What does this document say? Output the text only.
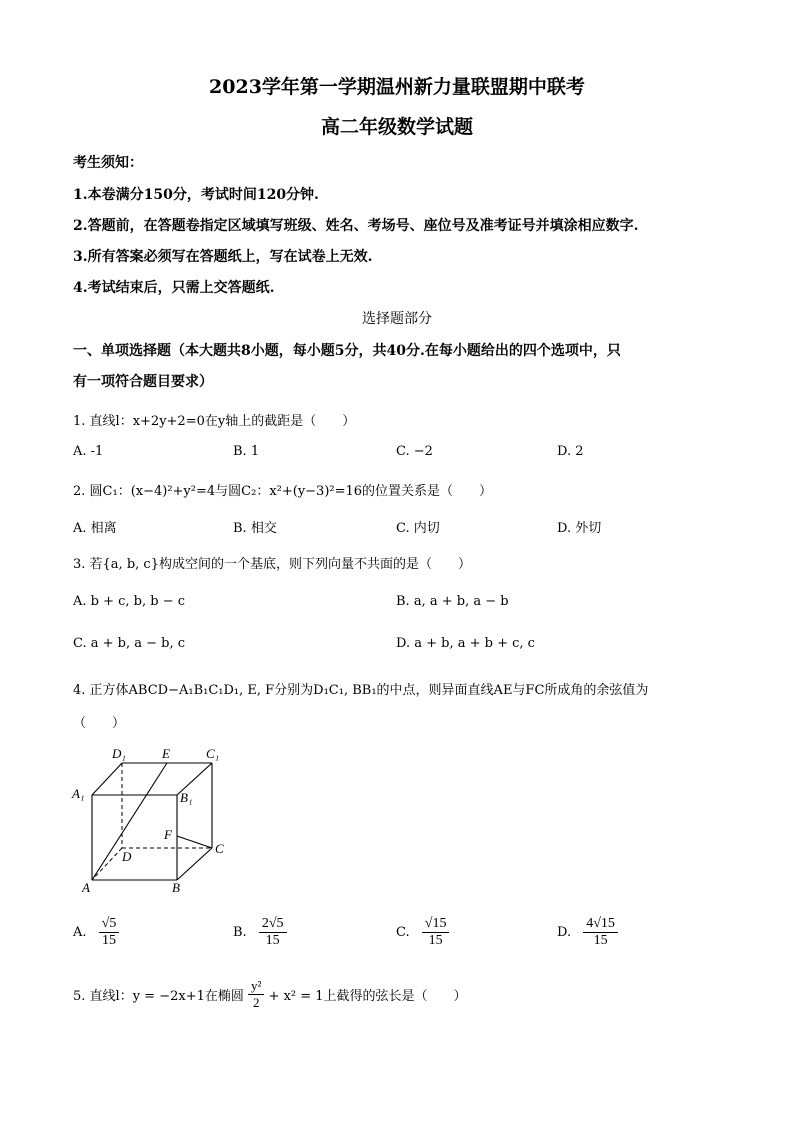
2023学年第一学期温州新力量联盟期中联考
高二年级数学试题
考生须知：
1.本卷满分150分，考试时间120分钟.
2.答题前，在答题卷指定区域填写班级、姓名、考场号、座位号及准考证号并填涂相应数字.
3.所有答案必须写在答题纸上，写在试卷上无效.
4.考试结束后，只需上交答题纸.
选择题部分
一、单项选择题（本大题共8小题，每小题5分，共40分.在每小题给出的四个选项中，只
有一项符合题目要求）
1. 直线l：x+2y+2=0在y轴上的截距是（　　）
A. -1	B. 1	C. −2	D. 2
2. 圆C₁：(x−4)²+y²=4与圆C₂：x²+(y−3)²=16的位置关系是（　　）
A. 相离	B. 相交	C. 内切	D. 外切
3. 若{a, b, c}构成空间的一个基底，则下列向量不共面的是（　　）
A. b + c, b, b − c	B. a, a + b, a − b
C. a + b, a − b, c	D. a + b, a + b + c, c
4. 正方体ABCD−A₁B₁C₁D₁, E, F分别为D₁C₁, BB₁的中点，则异面直线AE与FC所成角的余弦值为
（　　）
D₁	E	C₁
A₁	B₁
F
D
C
A	B
A. $\frac{√5}{15}$	B. $\frac{2√5}{15}$	C. $\frac{√15}{15}$	D. $\frac{4√15}{15}$
5. 直线l：y = −2x+1在椭圆 $\frac{\text{y²}}{2} + x^2 = 1$上截得的弦长是（　　）
